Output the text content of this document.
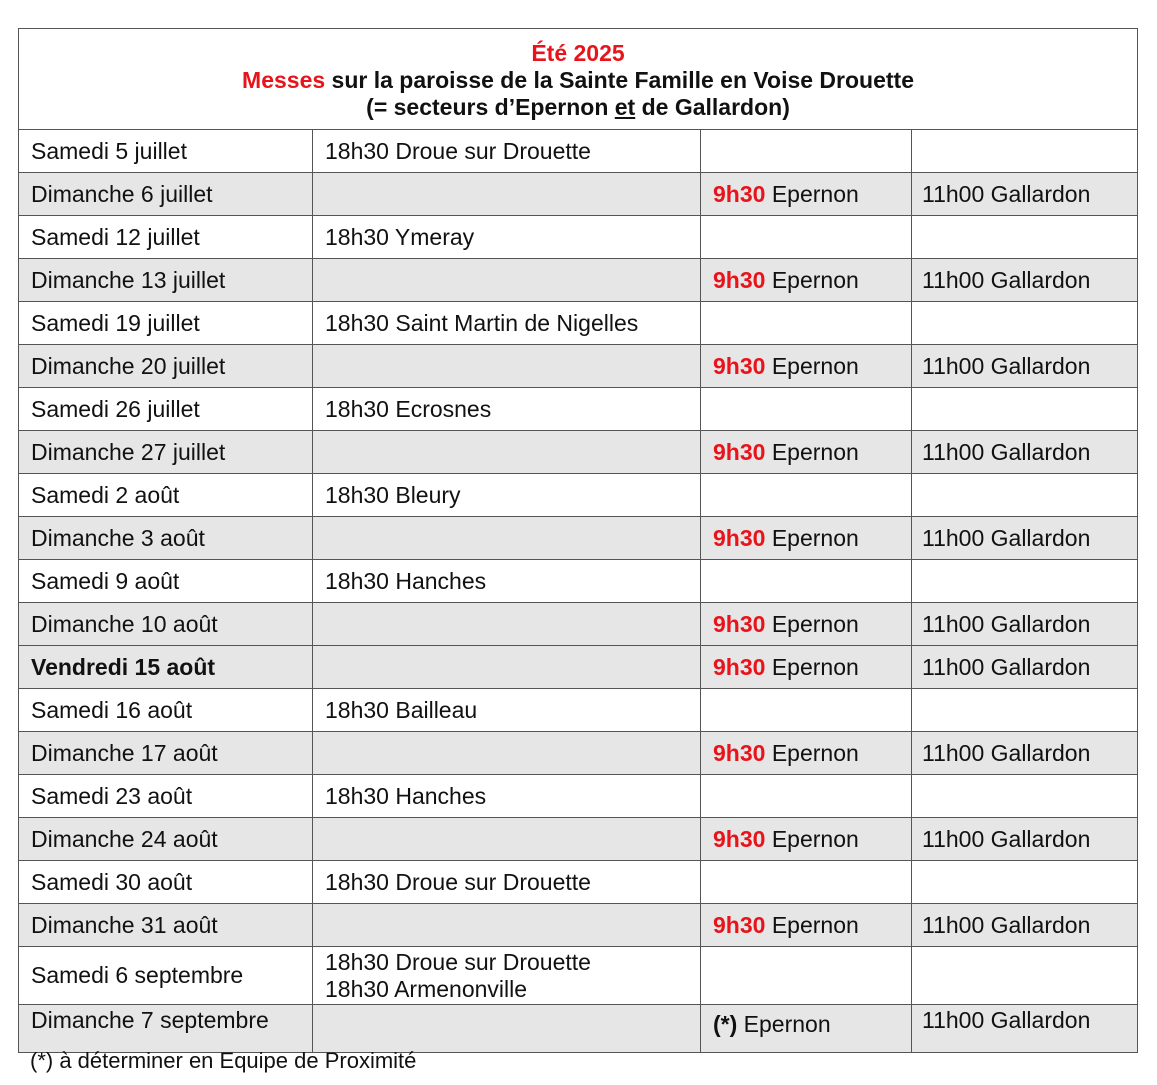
Été 2025
Messes sur la paroisse de la Sainte Famille en Voise Drouette
(= secteurs d’Epernon et de Gallardon)			

Samedi 5 juillet	18h30 Droue sur Drouette		
Dimanche 6 juillet		9h30 Epernon	11h00 Gallardon
Samedi 12 juillet	18h30 Ymeray		
Dimanche 13 juillet		9h30 Epernon	11h00 Gallardon
Samedi 19 juillet	18h30 Saint Martin de Nigelles		
Dimanche 20 juillet		9h30 Epernon	11h00 Gallardon
Samedi 26 juillet	18h30 Ecrosnes		
Dimanche 27 juillet		9h30 Epernon	11h00 Gallardon
Samedi 2 août	18h30 Bleury		
Dimanche 3 août		9h30 Epernon	11h00 Gallardon
Samedi 9 août	18h30 Hanches		
Dimanche 10 août		9h30 Epernon	11h00 Gallardon
Vendredi 15 août		9h30 Epernon	11h00 Gallardon
Samedi 16 août	18h30 Bailleau		
Dimanche 17 août		9h30 Epernon	11h00 Gallardon
Samedi 23 août	18h30 Hanches		
Dimanche 24 août		9h30 Epernon	11h00 Gallardon
Samedi 30 août	18h30 Droue sur Drouette		
Dimanche 31 août		9h30 Epernon	11h00 Gallardon
Samedi 6 septembre	18h30 Droue sur Drouette
18h30 Armenonville		

Dimanche 7 septembre		(*) Epernon	11h00 Gallardon
(*) à déterminer en Equipe de Proximité
